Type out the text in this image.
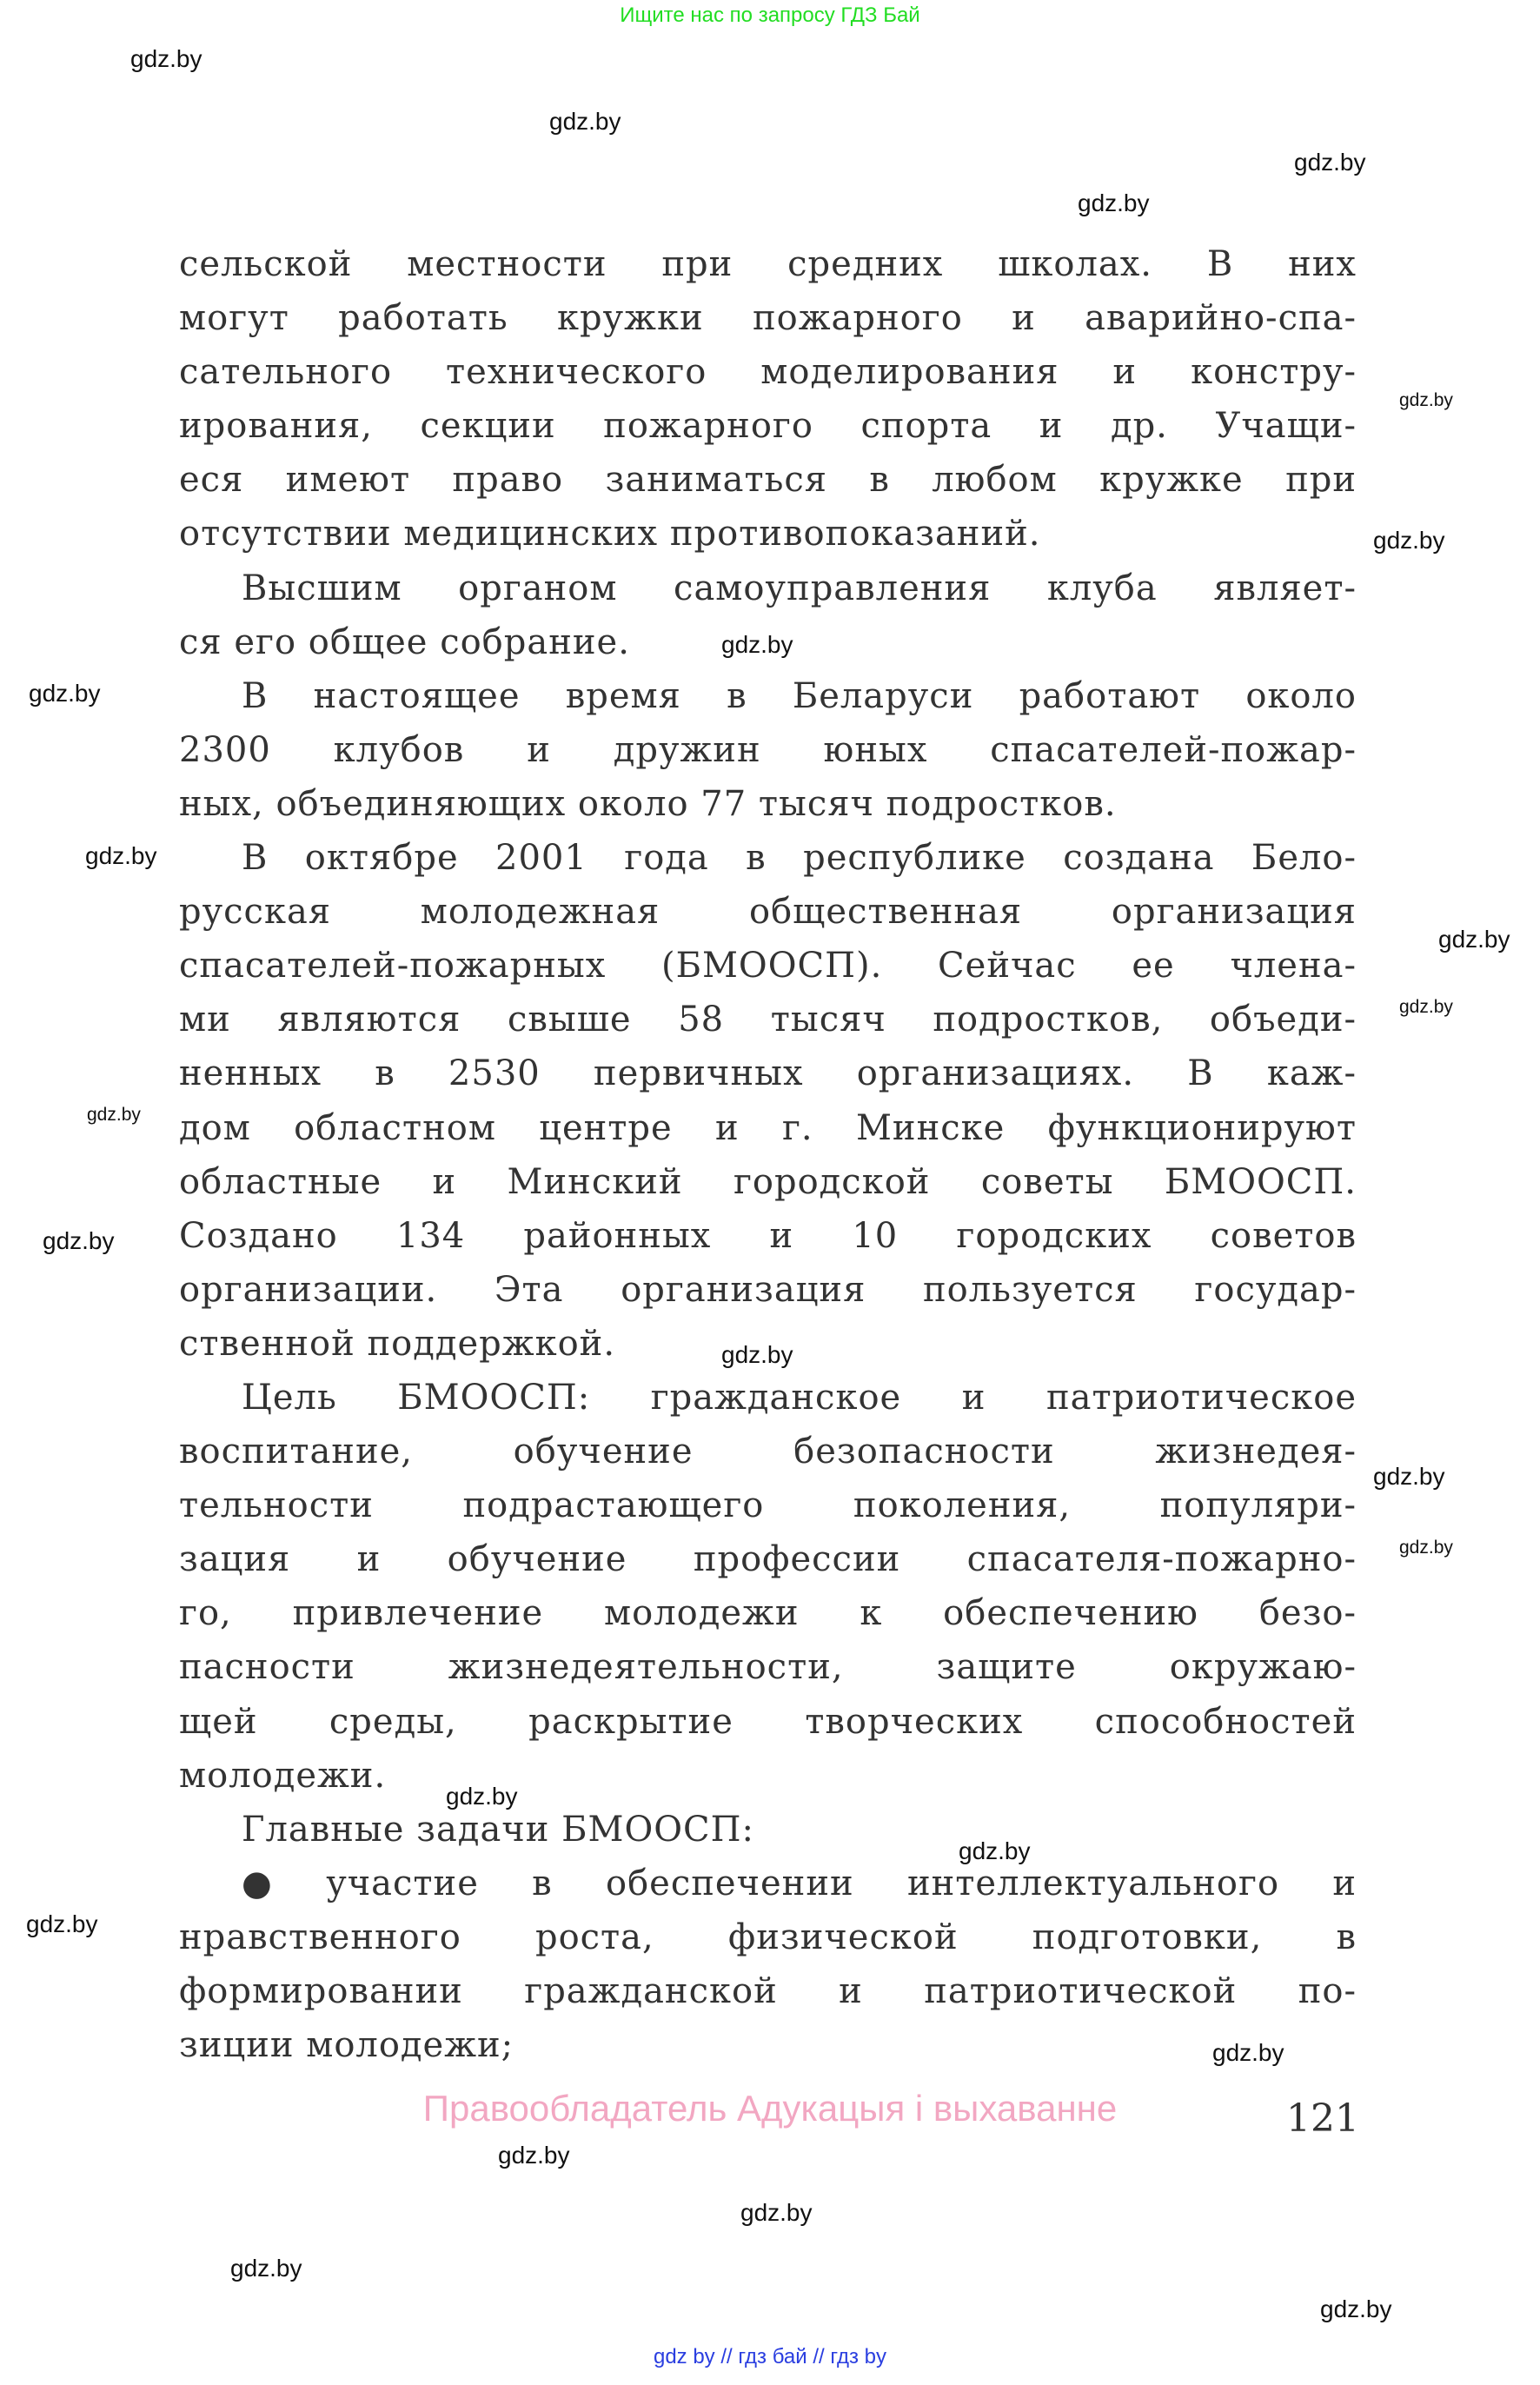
Ищите нас по запросу ГДЗ Бай
gdz.by
gdz.by
gdz.by
gdz.by
gdz.by
gdz.by
gdz.by
gdz.by
gdz.by
gdz.by
gdz.by
gdz.by
gdz.by
gdz.by
gdz.by
gdz.by
gdz.by
gdz.by
gdz.by
gdz.by
gdz.by
gdz.by
gdz.by
gdz.by
сельской местности при средних школах. В них
могут работать кружки пожарного и аварийно-спа-
сательного технического моделирования и констру-
ирования, секции пожарного спорта и др. Учащи-
еся имеют право заниматься в любом кружке при
отсутствии медицинских противопоказаний.
Высшим органом самоуправления клуба являет-
ся его общее собрание.
В настоящее время в Беларуси работают около
2300 клубов и дружин юных спасателей-пожар-
ных, объединяющих около 77 тысяч подростков.
В октябре 2001 года в республике создана Бело-
русская молодежная общественная организация
спасателей-пожарных (БМООСП). Сейчас ее члена-
ми являются свыше 58 тысяч подростков, объеди-
ненных в 2530 первичных организациях. В каж-
дом областном центре и г. Минске функционируют
областные и Минский городской советы БМООСП.
Создано 134 районных и 10 городских советов
организации. Эта организация пользуется государ-
ственной поддержкой.
Цель БМООСП: гражданское и патриотическое
воспитание, обучение безопасности жизнедея-
тельности подрастающего поколения, популяри-
зация и обучение профессии спасателя-пожарно-
го, привлечение молодежи к обеспечению безо-
пасности жизнедеятельности, защите окружаю-
щей среды, раскрытие творческих способностей
молодежи.
Главные задачи БМООСП:
● участие в обеспечении интеллектуального и
нравственного роста, физической подготовки, в
формировании гражданской и патриотической по-
зиции молодежи;
Правообладатель Адукацыя і выхаванне	121
gdz by // гдз бай // гдз by
